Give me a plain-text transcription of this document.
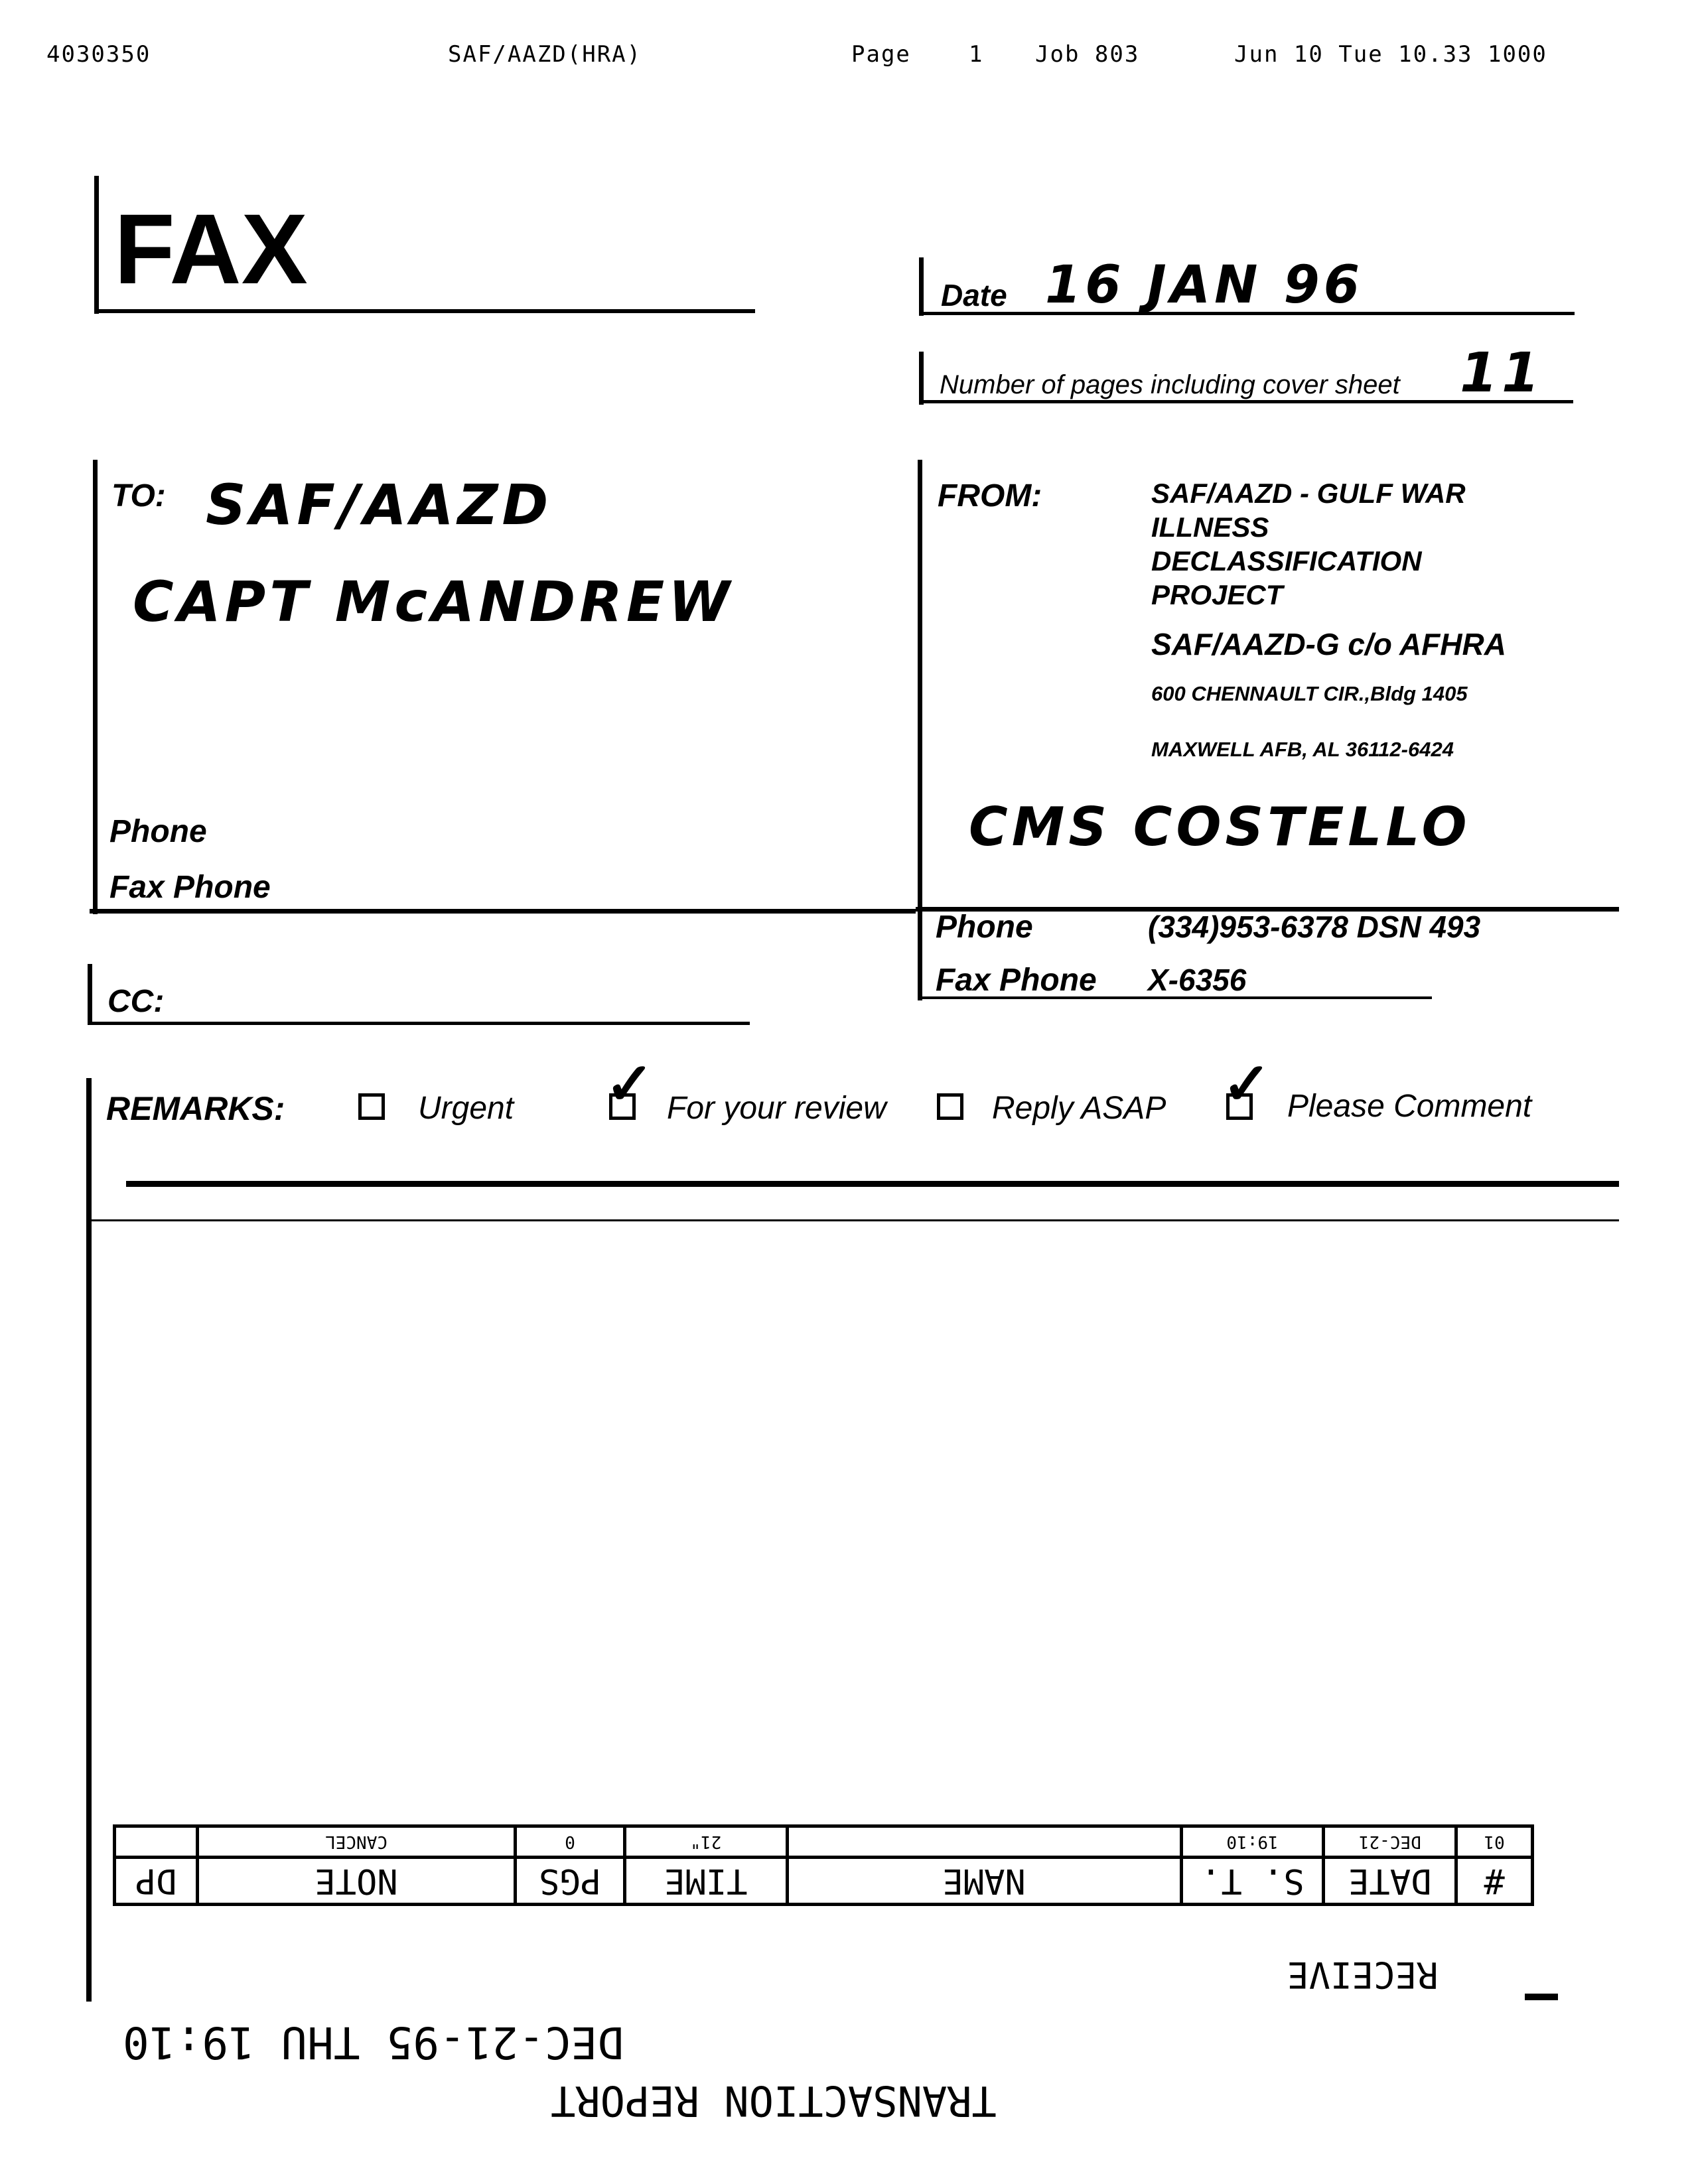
4030350	SAF/AAZD(HRA)	Page	1 Job 803	Jun 10 Tue 10.33 1000
FAX	Date 16 JAN 96
Number of pages including cover sheet 11
TO: SAF/AAZD
CAPT McANDREW
Phone
Fax Phone
FROM:	SAF/AAZD - GULF WAR
ILLNESS
DECLASSIFICATION
PROJECT
SAF/AAZD-G c/o AFHRA
600 CHENNAULT CIR.,Bldg 1405
MAXWELL AFB, AL 36112-6424
CMS COSTELLO
Phone	(334)953-6378 DSN 493
Fax Phone X-6356
CC:
REMARKS:	Urgent ✓ For your review	Reply ASAP ✓ Please Comment
#	DATE	S. T.	NAME	TIME	PGS	NOTE	DP
01	DEC-21	19:10		21"	0	CANCEL	
RECEIVE
DEC-21-95 THU 19:10
TRANSACTION REPORT
